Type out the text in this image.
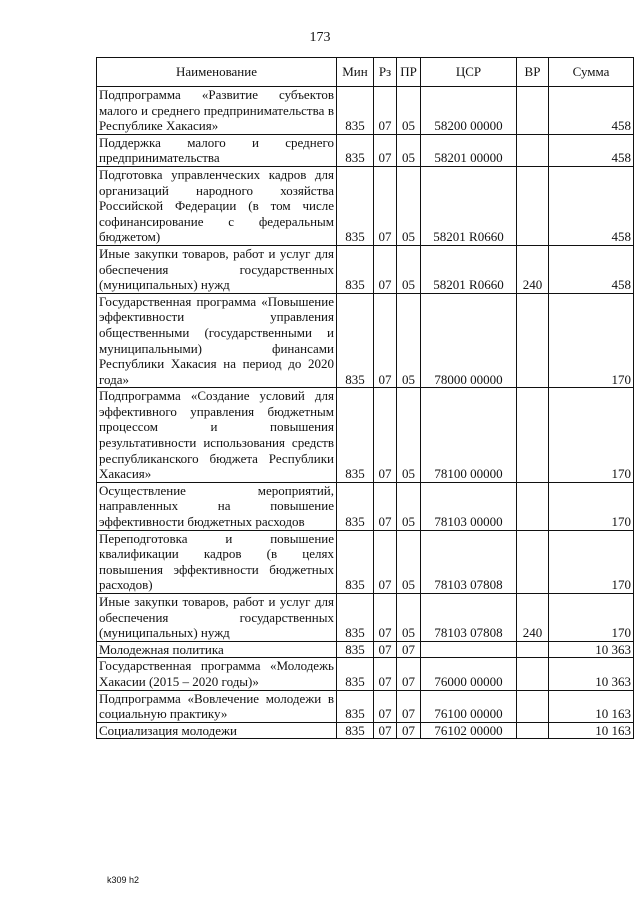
173
Наименование	Мин	Рз	ПР	ЦСР	ВР	Сумма
Подпрограмма «Развитие субъектов малого и среднего предпринимательства в Республике Хакасия»	835	07	05	58200 00000		458
Поддержка малого и среднего предпринимательства	835	07	05	58201 00000		458
Подготовка управленческих кадров для организаций народного хозяйства Российской Федерации (в том числе софинансирование с федеральным бюджетом)	835	07	05	58201 R0660		458
Иные закупки товаров, работ и услуг для обеспечения государственных (муниципальных) нужд	835	07	05	58201 R0660	240	458
Государственная программа «Повышение эффективности управления общественными (государственными и муниципальными) финансами Республики Хакасия на период до 2020 года»	835	07	05	78000 00000		170
Подпрограмма «Создание условий для эффективного управления бюджетным процессом и повышения результативности использования средств республиканского бюджета Республики Хакасия»	835	07	05	78100 00000		170
Осуществление мероприятий, направленных на повышение эффективности бюджетных расходов	835	07	05	78103 00000		170
Переподготовка и повышение квалификации кадров (в целях повышения эффективности бюджетных расходов)	835	07	05	78103 07808		170
Иные закупки товаров, работ и услуг для обеспечения государственных (муниципальных) нужд	835	07	05	78103 07808	240	170
Молодежная политика	835	07	07			10 363
Государственная программа «Молодежь Хакасии (2015 – 2020 годы)»	835	07	07	76000 00000		10 363
Подпрограмма «Вовлечение молодежи в социальную практику»	835	07	07	76100 00000		10 163
Социализация молодежи	835	07	07	76102 00000		10 163
k309 h2
